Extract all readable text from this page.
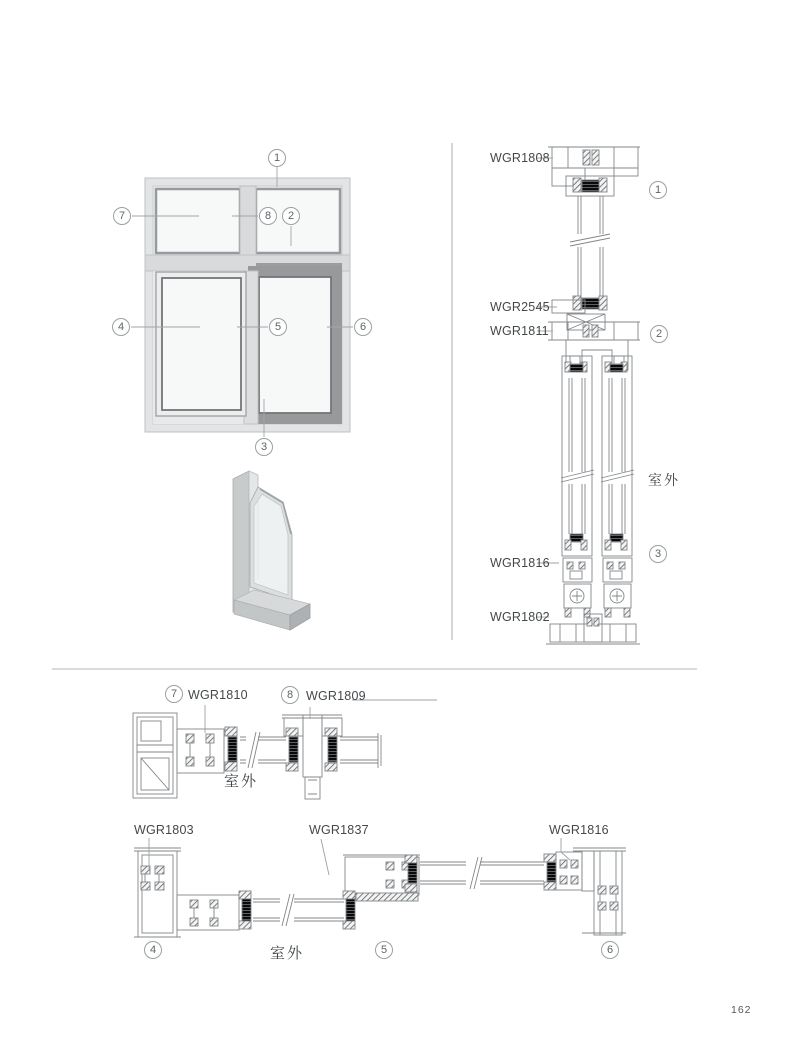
1
2
3
4	5	6
7	8
WGR1808
WGR2545
WGR1811
WGR1816
WGR1802
1
2
3
室外
7 WGR1810	8	WGR1809
室外
WGR1803	WGR1837	WGR1816
4	5	6
室外
162
